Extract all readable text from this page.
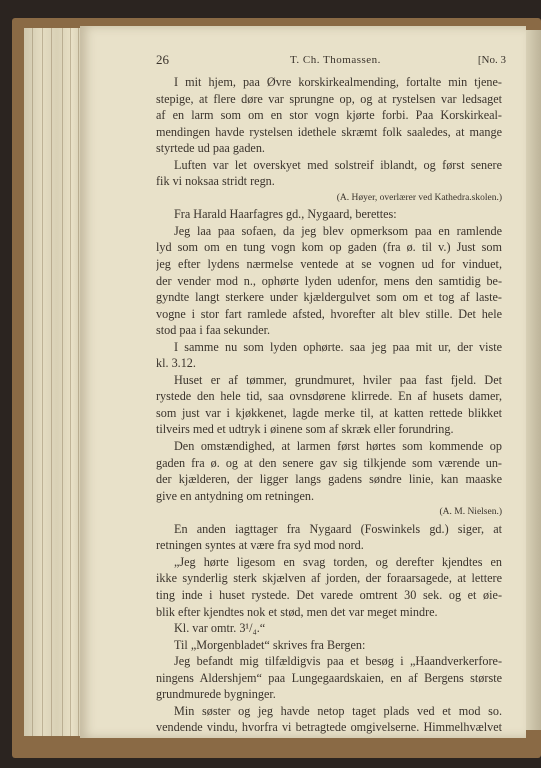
26	T. Ch. Thomassen.	[No. 3
I mit hjem, paa Øvre korskirkealmending, fortalte min tjene-
stepige, at flere døre var sprungne op, og at rystelsen var ledsaget
af en larm som om en stor vogn kjørte forbi. Paa Korskirkeal-
mendingen havde rystelsen idethele skræmt folk saaledes, at mange
styrtede ud paa gaden.
Luften var let overskyet med solstreif iblandt, og først senere
fik vi noksaa stridt regn.
(A. Høyer, overlærer ved Kathedra.skolen.)
Fra Harald Haarfagres gd., Nygaard, berettes:
Jeg laa paa sofaen, da jeg blev opmerksom paa en ramlende
lyd som om en tung vogn kom op gaden (fra ø. til v.) Just som
jeg efter lydens nærmelse ventede at se vognen ud for vinduet,
der vender mod n., ophørte lyden udenfor, mens den samtidig be-
gyndte langt sterkere under kjældergulvet som om et tog af laste-
vogne i stor fart ramlede afsted, hvorefter alt blev stille. Det hele
stod paa i faa sekunder.
I samme nu som lyden ophørte. saa jeg paa mit ur, der viste
kl. 3.12.
Huset er af tømmer, grundmuret, hviler paa fast fjeld. Det
rystede den hele tid, saa ovnsdørene klirrede. En af husets damer,
som just var i kjøkkenet, lagde merke til, at katten rettede blikket
tilveirs med et udtryk i øinene som af skræk eller forundring.
Den omstændighed, at larmen først hørtes som kommende op
gaden fra ø. og at den senere gav sig tilkjende som værende un-
der kjælderen, der ligger langs gadens søndre linie, kan maaske
give en antydning om retningen.
(A. M. Nielsen.)
En anden iagttager fra Nygaard (Foswinkels gd.) siger, at
retningen syntes at være fra syd mod nord.
„Jeg hørte ligesom en svag torden, og derefter kjendtes en
ikke synderlig sterk skjælven af jorden, der foraarsagede, at lettere
ting inde i huset rystede. Det varede omtrent 30 sek. og et øie-
blik efter kjendtes nok et stød, men det var meget mindre.
Kl. var omtr. 3¹/₄.“
Til „Morgenbladet“ skrives fra Bergen:
Jeg befandt mig tilfældigvis paa et besøg i „Haandverkerfore-
ningens Aldershjem“ paa Lungegaardskaien, en af Bergens største
grundmurede bygninger.
Min søster og jeg havde netop taget plads ved et mod so.
vendende vindu, hvorfra vi betragtede omgivelserne. Himmelhvælvet
